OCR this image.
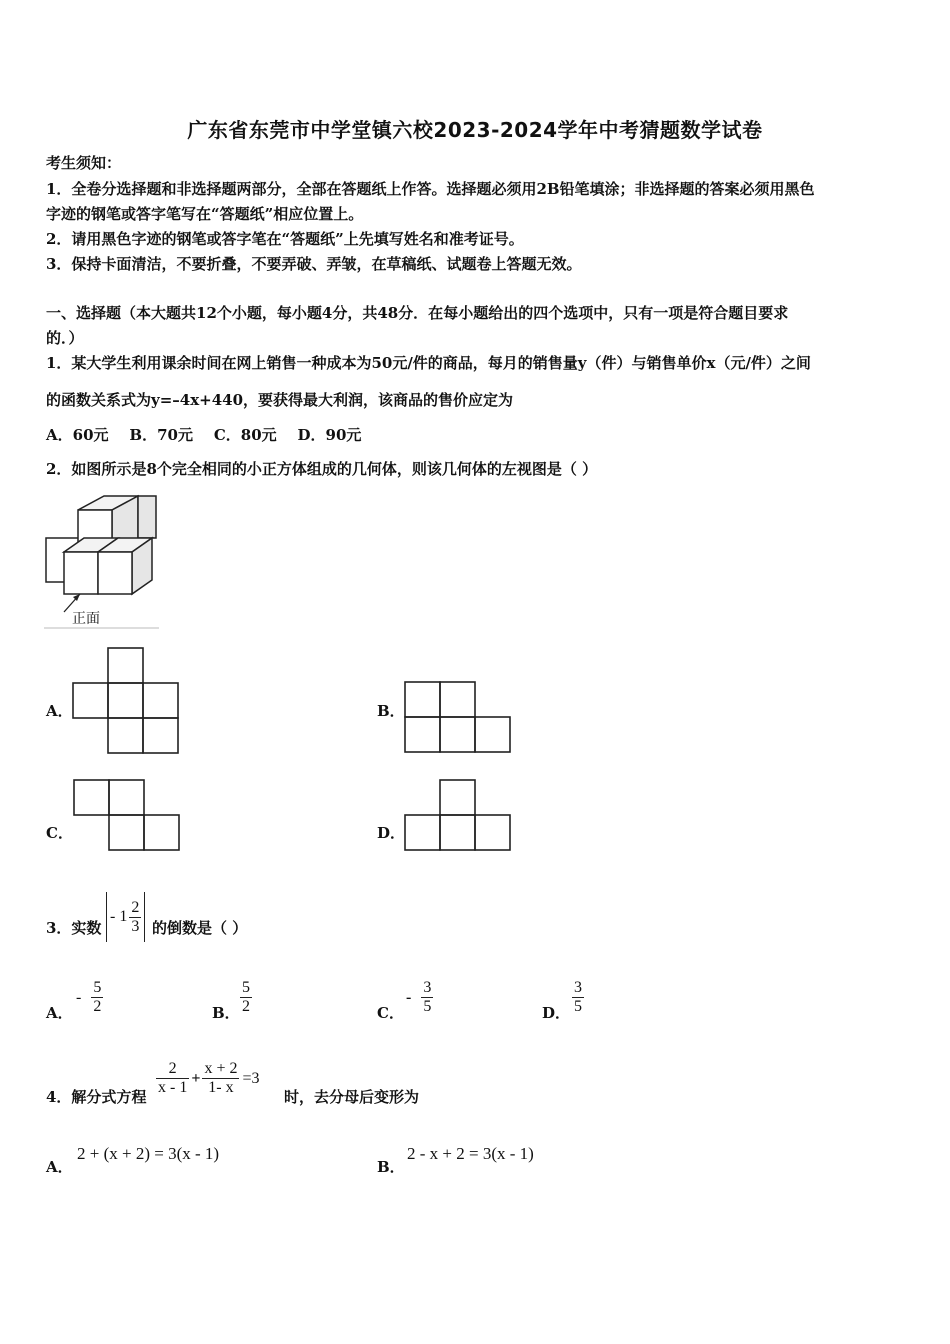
广东省东莞市中学堂镇六校2023-2024学年中考猜题数学试卷
考生须知：
1．全卷分选择题和非选择题两部分，全部在答题纸上作答。选择题必须用2B铅笔填涂；非选择题的答案必须用黑色
字迹的钢笔或答字笔写在“答题纸”相应位置上。
2．请用黑色字迹的钢笔或答字笔在“答题纸”上先填写姓名和准考证号。
3．保持卡面清洁，不要折叠，不要弄破、弄皱，在草稿纸、试题卷上答题无效。
一、选择题（本大题共12个小题，每小题4分，共48分．在每小题给出的四个选项中，只有一项是符合题目要求
的．）
1．某大学生利用课余时间在网上销售一种成本为50元/件的商品，每月的销售量y（件）与销售单价x（元/件）之间
的函数关系式为y=–4x+440，要获得最大利润，该商品的售价应定为
A．60元    B．70元    C．80元    D．90元
2．如图所示是8个完全相同的小正方体组成的几何体，则该几何体的左视图是（ ）
正面
A．	B．
C．	D．
3．实数
- $1 \frac{2}{3}$ 的倒数是（ ）
A．
- $\frac{5}{2}$	B． $\frac{5}{2}$	C．
- $\frac{3}{5}$	D． $\frac{3}{5}$
4．解分式方程 $\frac{2}{x - 1} + \frac{x + 2}{1- x} =3$
时，去分母后变形为
A．
2 + (x + 2) = 3(x - 1)
B．
2 - x + 2 = 3(x - 1)
